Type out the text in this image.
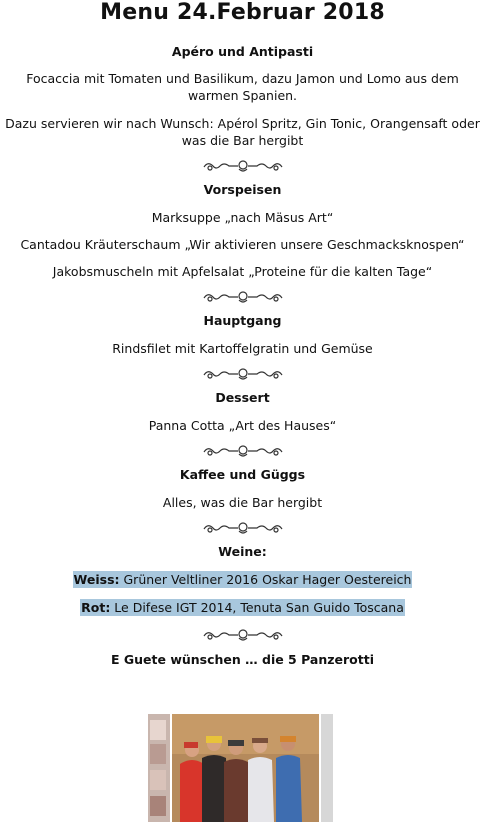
Menu 24.Februar 2018

Apéro und Antipasti

Focaccia mit Tomaten und Basilikum, dazu Jamon und Lomo aus dem

warmen Spanien.

Dazu servieren wir nach Wunsch: Apérol Spritz, Gin Tonic, Orangensaft oder

was die Bar hergibt

Vorspeisen

Marksuppe „nach Mäsus Art“

Cantadou Kräuterschaum „Wir aktivieren unsere Geschmacksknospen“

Jakobsmuscheln mit Apfelsalat „Proteine für die kalten Tage“

Hauptgang

Rindsfilet mit Kartoffelgratin und Gemüse

Dessert

Panna Cotta „Art des Hauses“

Kaffee und Güggs

Alles, was die Bar hergibt

Weine:

Weiss: Grüner Veltliner 2016 Oskar Hager Oestereich
Rot: Le Difese IGT 2014, Tenuta San Guido Toscana

E Guete wünschen … die 5 Panzerotti
